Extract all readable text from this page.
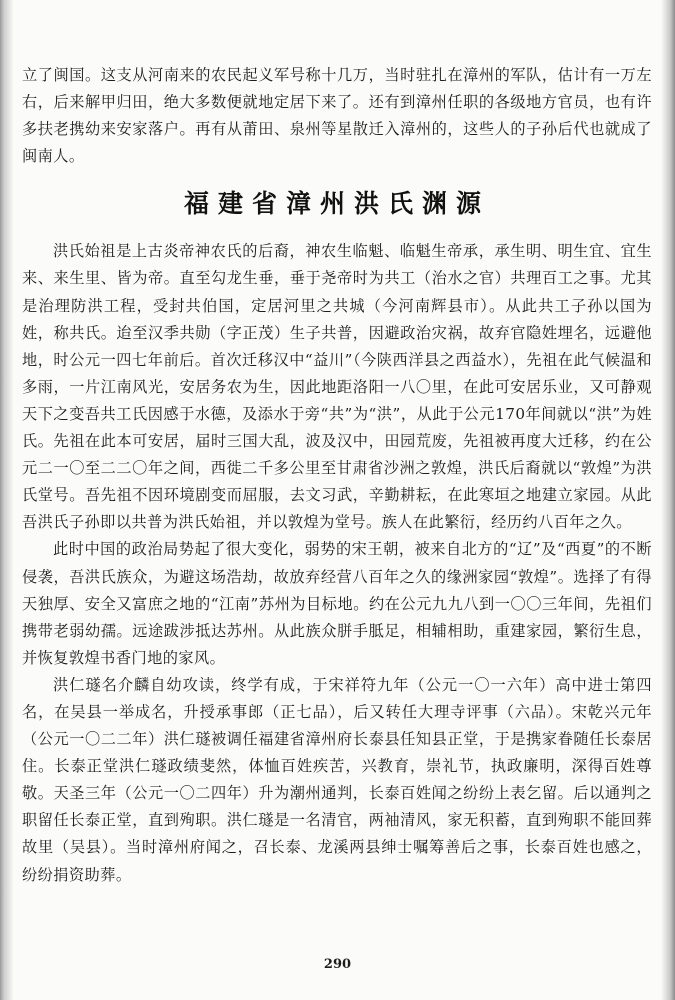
立了闽国。这支从河南来的农民起义军号称十几万，当时驻扎在漳州的军队，估计有一万左右，后来解甲归田，绝大多数便就地定居下来了。还有到漳州任职的各级地方官员，也有许多扶老携幼来安家落户。再有从莆田、泉州等星散迁入漳州的，这些人的子孙后代也就成了闽南人。

福建省漳州洪氏渊源

洪氏始祖是上古炎帝神农氏的后裔，神农生临魁、临魁生帝承，承生明、明生宜、宜生来、来生里、皆为帝。直至勾龙生垂，垂于尧帝时为共工（治水之官）共理百工之事。尤其是治理防洪工程，受封共伯国，定居河里之共城（今河南辉县市）。从此共工子孙以国为姓，称共氏。迨至汉季共勋（字正茂）生子共普，因避政治灾祸，故弃官隐姓埋名，远避他地，时公元一四七年前后。首次迁移汉中“益川”（今陕西洋县之西益水），先祖在此气候温和多雨，一片江南风光，安居务农为生，因此地距洛阳一八〇里，在此可安居乐业，又可静观天下之变吾共工氏因感于水德，及添水于旁“共”为“洪”，从此于公元170年间就以“洪”为姓氏。先祖在此本可安居，届时三国大乱，波及汉中，田园荒废，先祖被再度大迁移，约在公元二一〇至二二〇年之间，西徙二千多公里至甘肃省沙洲之敦煌，洪氏后裔就以“敦煌”为洪氏堂号。吾先祖不因环境剧变而屈服，去文习武，辛勤耕耘，在此寒垣之地建立家园。从此吾洪氏子孙即以共普为洪氏始祖，并以敦煌为堂号。族人在此繁衍，经历约八百年之久。

此时中国的政治局势起了很大变化，弱势的宋王朝，被来自北方的“辽”及“西夏”的不断侵袭，吾洪氏族众，为避这场浩劫，故放弃经营八百年之久的缘洲家园“敦煌”。选择了有得天独厚、安全又富庶之地的“江南”苏州为目标地。约在公元九九八到一〇〇三年间，先祖们携带老弱幼孺。远途跋涉抵达苏州。从此族众胼手胝足，相辅相助，重建家园，繁衍生息，并恢复敦煌书香门地的家风。

洪仁璲名介麟自幼攻读，终学有成，于宋祥符九年（公元一〇一六年）高中进士第四名，在吴县一举成名，升授承事郎（正七品），后又转任大理寺评事（六品）。宋乾兴元年（公元一〇二二年）洪仁璲被调任福建省漳州府长泰县任知县正堂，于是携家眷随任长泰居住。长泰正堂洪仁璲政绩斐然，体恤百姓疾苦，兴教育，崇礼节，执政廉明，深得百姓尊敬。天圣三年（公元一〇二四年）升为潮州通判，长泰百姓闻之纷纷上表乞留。后以通判之职留任长泰正堂，直到殉职。洪仁璲是一名清官，两袖清风，家无积蓄，直到殉职不能回葬故里（吴县）。当时漳州府闻之，召长泰、龙溪两县绅士嘱筹善后之事，长泰百姓也感之，纷纷捐资助葬。

290
